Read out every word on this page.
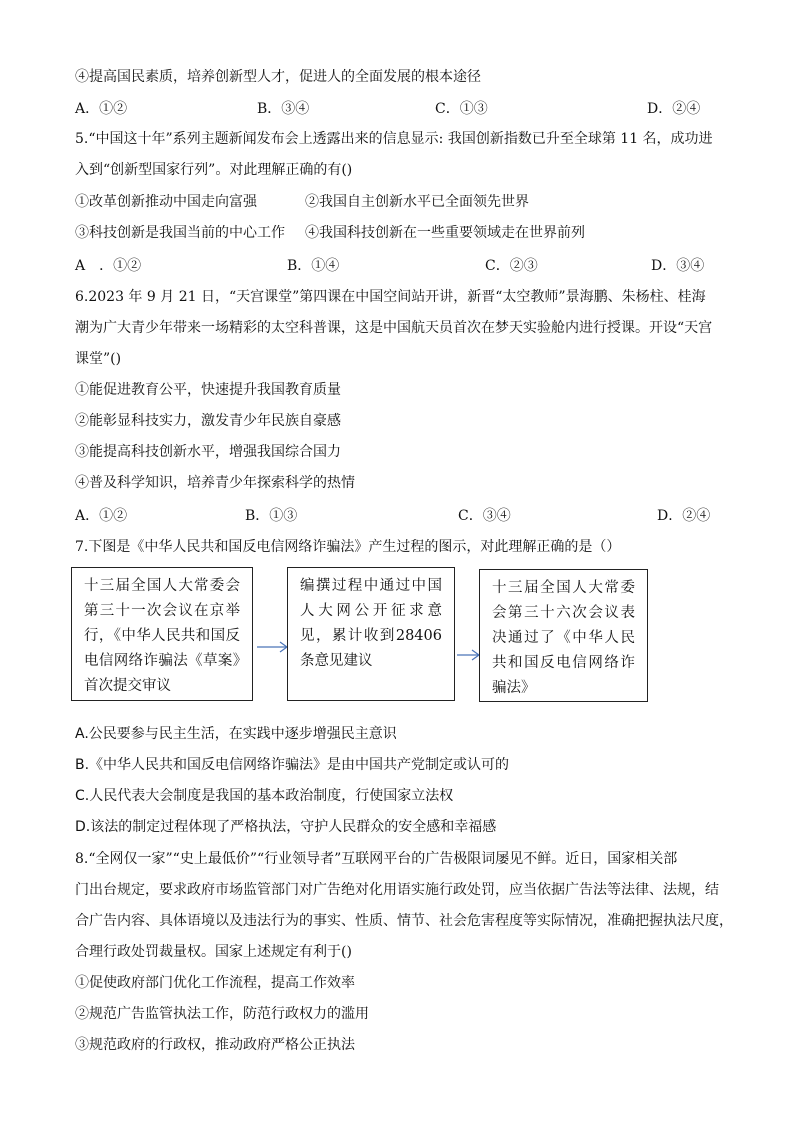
④提高国民素质，培养创新型人才，促进人的全面发展的根本途径
A．①②	B．③④	C．①③	D．②④
5.“中国这十年”系列主题新闻发布会上透露出来的信息显示: 我国创新指数已升至全球第 11 名，成功进
入到“创新型国家行列”。对此理解正确的有()
①改革创新推动中国走向富强	②我国自主创新水平已全面领先世界
③科技创新是我国当前的中心工作 ④我国科技创新在一些重要领域走在世界前列
A　．①②	B．①④	C．②③	D．③④
6.2023 年 9 月 21 日，“天宫课堂”第四课在中国空间站开讲，新晋“太空教师”景海鹏、朱杨柱、桂海
潮为广大青少年带来一场精彩的太空科普课，这是中国航天员首次在梦天实验舱内进行授课。开设“天宫
课堂”()
①能促进教育公平，快速提升我国教育质量
②能彰显科技实力，激发青少年民族自豪感
③能提高科技创新水平，增强我国综合国力
④普及科学知识，培养青少年探索科学的热情
A．①②	B．①③	C．③④	D．②④
7.下图是《中华人民共和国反电信网络诈骗法》产生过程的图示，对此理解正确的是（）
十三届全国人大常委会第三十一次会议在京举行，《中华人民共和国反电信网络诈骗法《草案》首次提交审议
编撰过程中通过中国人大网公开征求意见，累计收到28406条意见建议
十三届全国人大常委会第三十六次会议表决通过了《中华人民共和国反电信网络诈骗法》
A.公民要参与民主生活，在实践中逐步增强民主意识
B.《中华人民共和国反电信网络诈骗法》是由中国共产党制定或认可的
C.人民代表大会制度是我国的基本政治制度，行使国家立法权
D.该法的制定过程体现了严格执法，守护人民群众的安全感和幸福感
8.“全网仅一家”“史上最低价”“行业领导者”互联网平台的广告极限词屡见不鲜。近日，国家相关部
门出台规定，要求政府市场监管部门对广告绝对化用语实施行政处罚，应当依据广告法等法律、法规，结
合广告内容、具体语境以及违法行为的事实、性质、情节、社会危害程度等实际情况，准确把握执法尺度，
合理行政处罚裁量权。国家上述规定有利于()
①促使政府部门优化工作流程，提高工作效率
②规范广告监管执法工作，防范行政权力的滥用
③规范政府的行政权，推动政府严格公正执法
